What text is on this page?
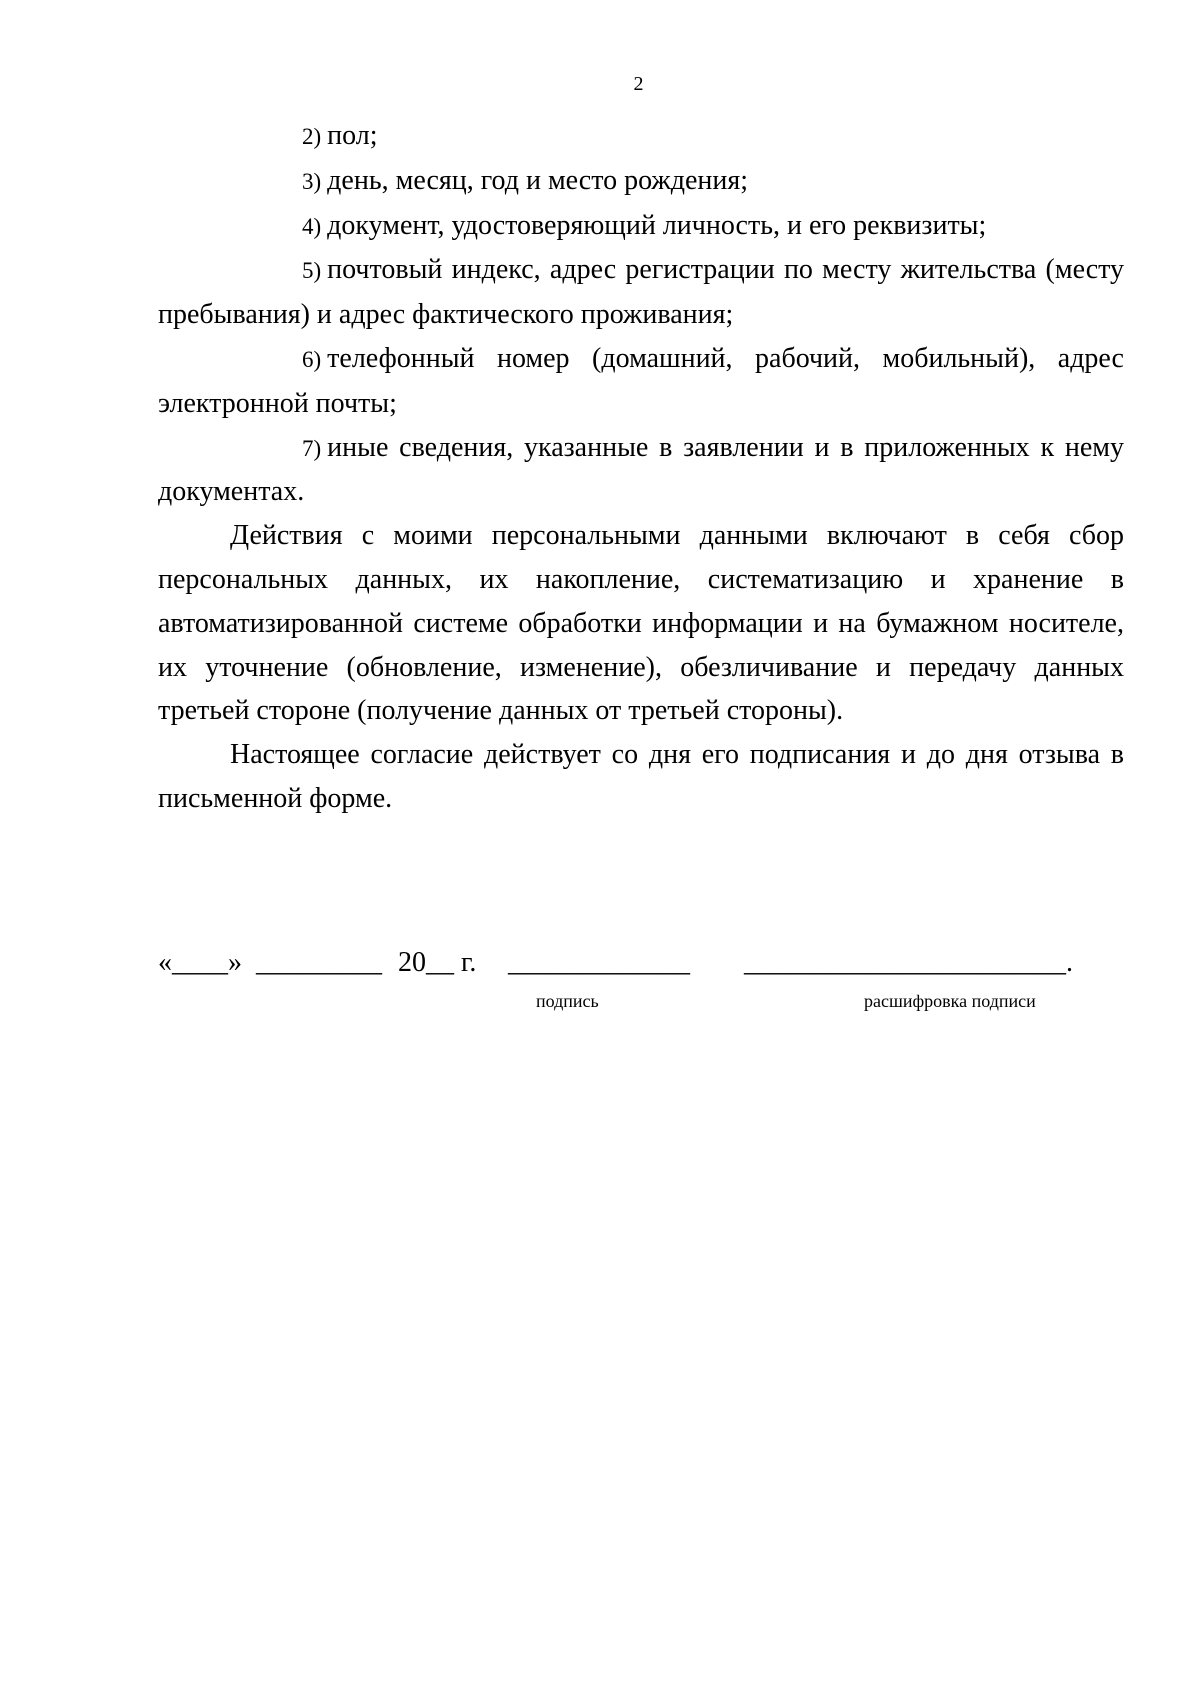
2

2) пол;

3) день, месяц, год и место рождения;

4) документ, удостоверяющий личность, и его реквизиты;

5) почтовый индекс, адрес регистрации по месту жительства (месту пребывания) и адрес фактического проживания;

6) телефонный номер (домашний, рабочий, мобильный), адрес электронной почты;

7) иные сведения, указанные в заявлении и в приложенных к нему документах.

Действия с моими персональными данными включают в себя сбор персональных данных, их накопление, систематизацию и хранение в автоматизированной системе обработки информации и на бумажном носителе, их уточнение (обновление, изменение), обезличивание и передачу данных третьей стороне (получение данных от третьей стороны).

Настоящее согласие действует со дня его подписания и до дня отзыва в письменной форме.

«____» _________ 20__ г. _____________ _______________________.
подпись	расшифровка подписи
